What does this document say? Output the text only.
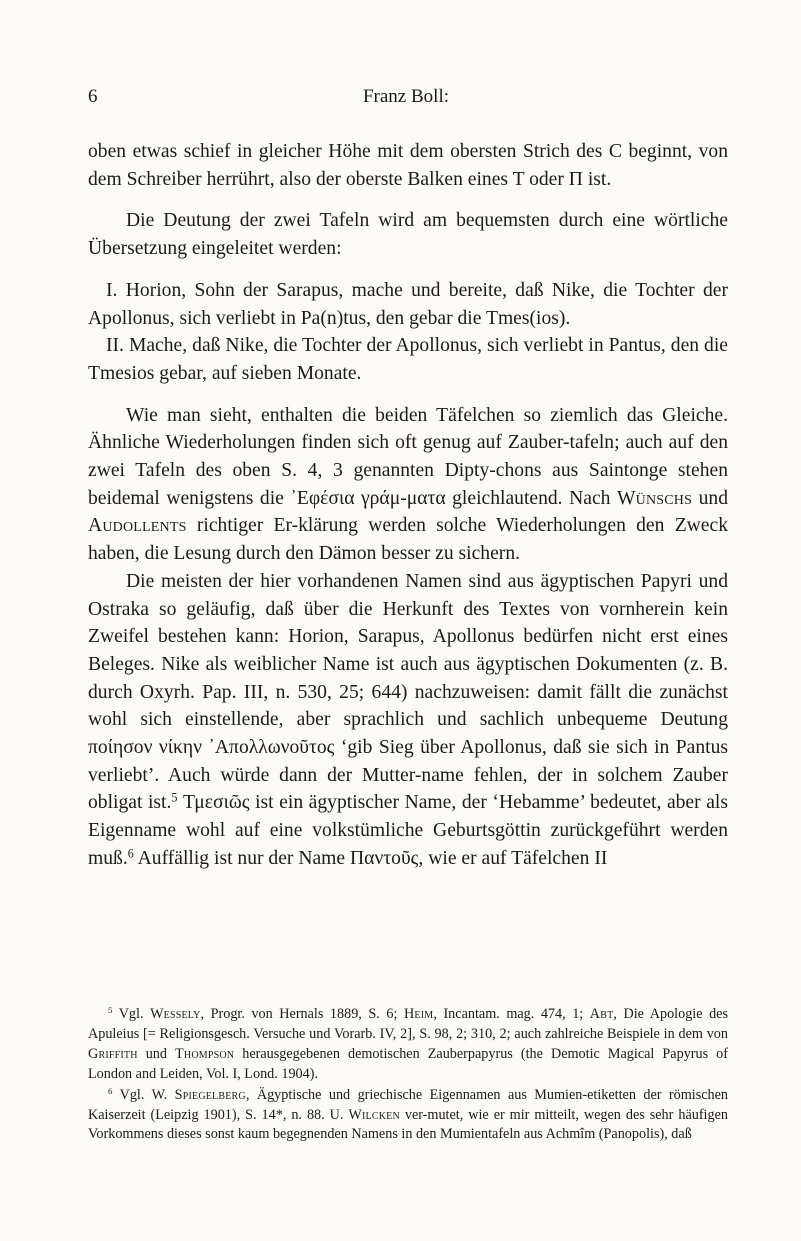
6	Franz Boll:

oben etwas schief in gleicher Höhe mit dem obersten Strich des Ϲ beginnt, von dem Schreiber herrührt, also der oberste Balken eines T oder Π ist.

Die Deutung der zwei Tafeln wird am bequemsten durch eine wörtliche Übersetzung eingeleitet werden:

I. Horion, Sohn der Sarapus, mache und bereite, daß Nike, die Tochter der Apollonus, sich verliebt in Pa(n)tus, den gebar die Tmes(ios).

II. Mache, daß Nike, die Tochter der Apollonus, sich verliebt in Pantus, den die Tmesios gebar, auf sieben Monate.

Wie man sieht, enthalten die beiden Täfelchen so ziemlich das Gleiche. Ähnliche Wiederholungen finden sich oft genug auf Zauber-tafeln; auch auf den zwei Tafeln des oben S. 4, 3 genannten Dipty-chons aus Saintonge stehen beidemal wenigstens die ᾿Εφέσια γράμ-ματα gleichlautend. Nach Wünschs und Audollents richtiger Er-klärung werden solche Wiederholungen den Zweck haben, die Lesung durch den Dämon besser zu sichern.

Die meisten der hier vorhandenen Namen sind aus ägyptischen Papyri und Ostraka so geläufig, daß über die Herkunft des Textes von vornherein kein Zweifel bestehen kann: Horion, Sarapus, Apollonus bedürfen nicht erst eines Beleges. Nike als weiblicher Name ist auch aus ägyptischen Dokumenten (z. B. durch Oxyrh. Pap. III, n. 530, 25; 644) nachzuweisen: damit fällt die zunächst wohl sich einstellende, aber sprachlich und sachlich unbequeme Deutung ποίησον νίκην ᾿Απολλωνοῦτος ‘gib Sieg über Apollonus, daß sie sich in Pantus verliebt’. Auch würde dann der Mutter-name fehlen, der in solchem Zauber obligat ist.$^5$ Τμεσιῶς ist ein ägyptischer Name, der ‘Hebamme’ bedeutet, aber als Eigenname wohl auf eine volkstümliche Geburtsgöttin zurückgeführt werden muß.$^6$ Auffällig ist nur der Name Παντοῦς, wie er auf Täfelchen II

$^5$ Vgl. Wessely, Progr. von Hernals 1889, S. 6; Heim, Incantam. mag. 474, 1; Abt, Die Apologie des Apuleius [= Religionsgesch. Versuche und Vorarb. IV, 2], S. 98, 2; 310, 2; auch zahlreiche Beispiele in dem von Griffith und Thompson herausgegebenen demotischen Zauberpapyrus (the Demotic Magical Papyrus of London and Leiden, Vol. I, Lond. 1904).

$^6$ Vgl. W. Spiegelberg, Ägyptische und griechische Eigennamen aus Mumien-etiketten der römischen Kaiserzeit (Leipzig 1901), S. 14*, n. 88. U. Wilcken ver-mutet, wie er mir mitteilt, wegen des sehr häufigen Vorkommens dieses sonst kaum begegnenden Namens in den Mumientafeln aus Achmîm (Panopolis), daß
